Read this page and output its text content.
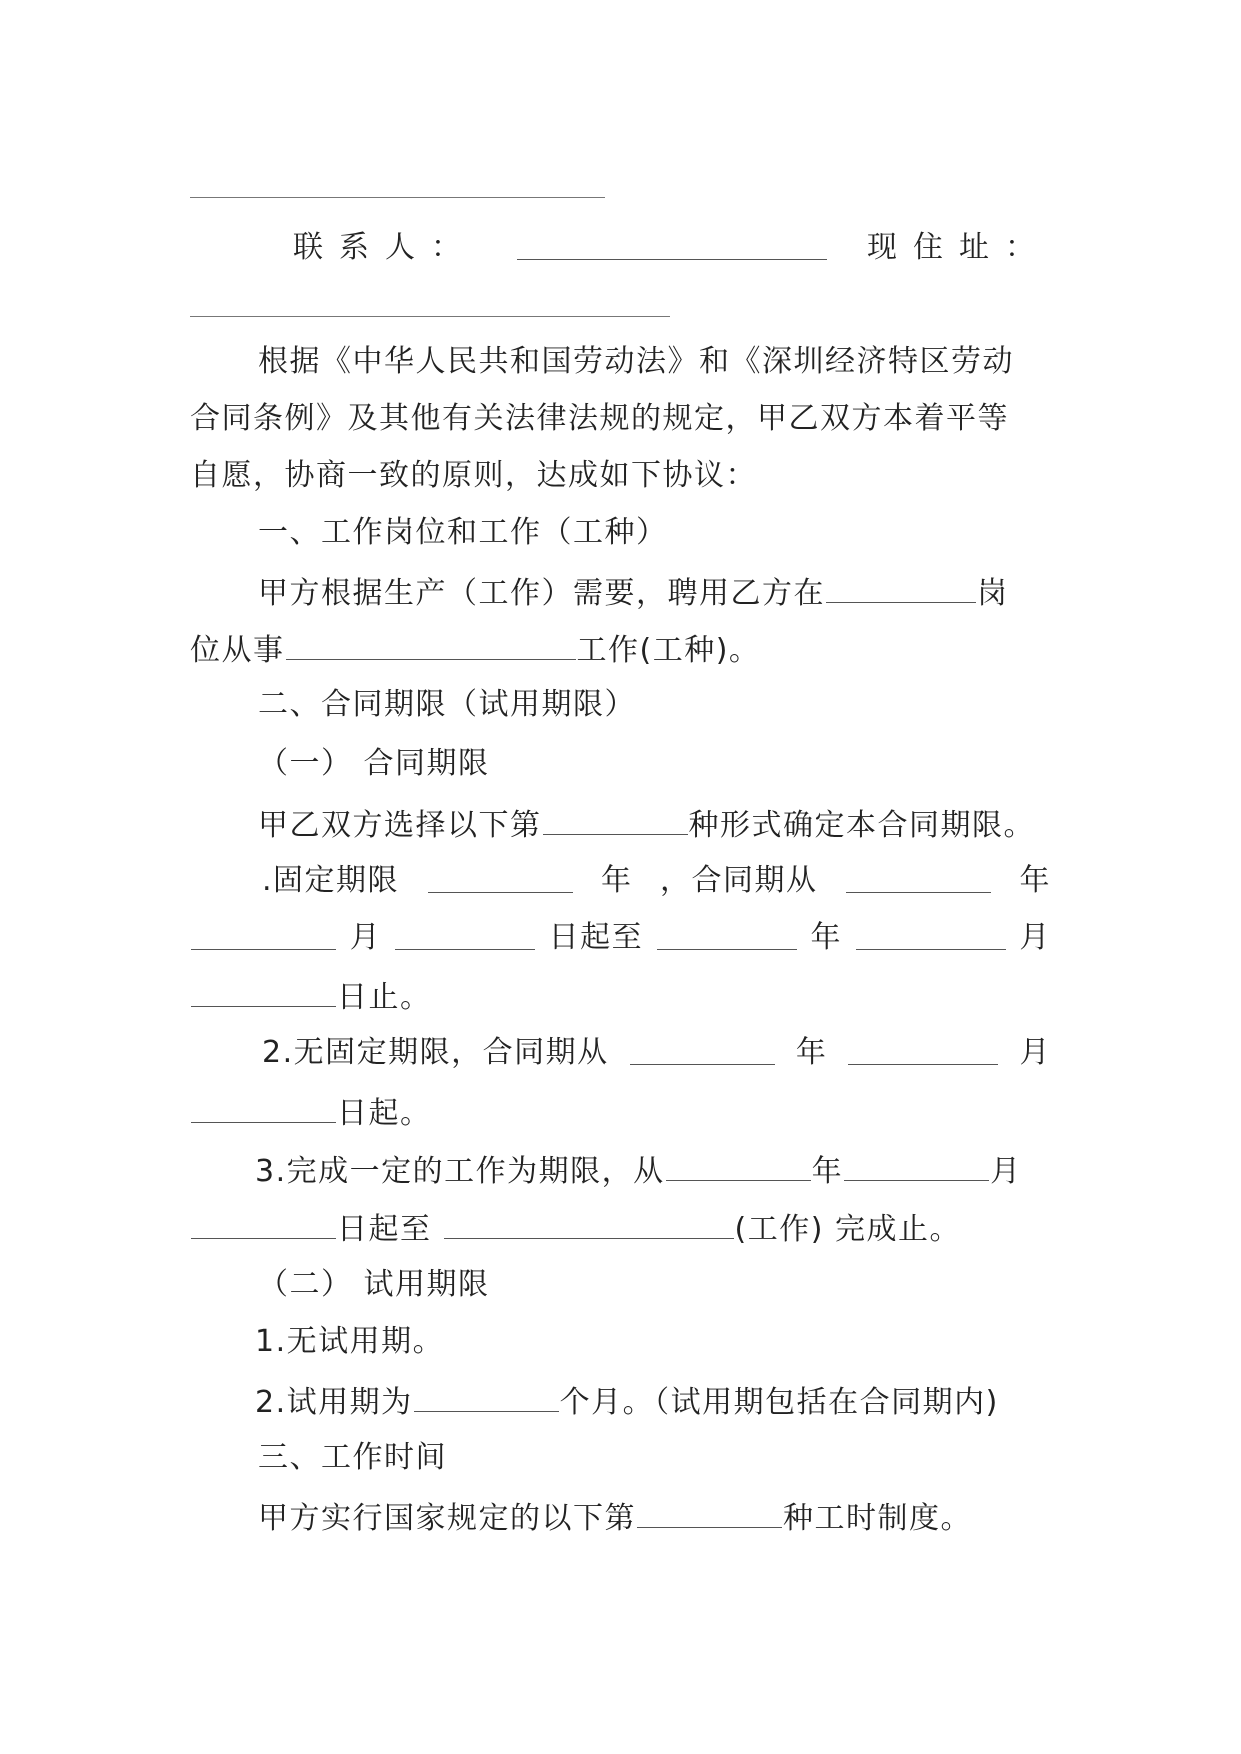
联系人：	现住址：
根据《中华人民共和国劳动法》和《深圳经济特区劳动
合同条例》及其他有关法律法规的规定，甲乙双方本着平等
自愿，协商一致的原则，达成如下协议：
一、工作岗位和工作（工种）
甲方根据生产（工作）需要，聘用乙方在	岗
位从事	工作(工种)。
二、合同期限（试用期限）
（一） 合同期限
甲乙双方选择以下第	种形式确定本合同期限。
.固定期限	年 ，合同期从	年
月	日起至	年	月
日止。
2.无固定期限，合同期从	年	月
日起。
3.完成一定的工作为期限，从	年	月
日起至	(工作) 完成止。
（二） 试用期限
1.无试用期。
2.试用期为	个月。（试用期包括在合同期内)
三、工作时间
甲方实行国家规定的以下第	种工时制度。
